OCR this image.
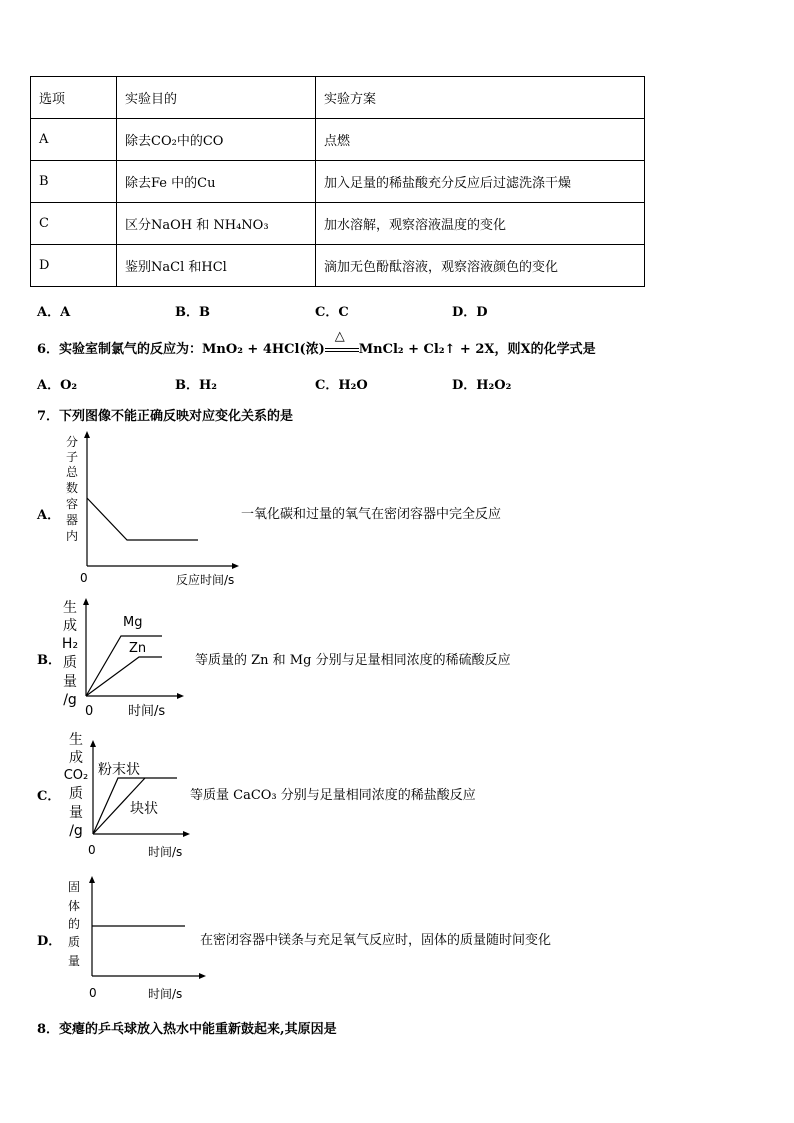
选项	实验目的	实验方案
A	除去CO₂中的CO	点燃
B	除去Fe 中的Cu	加入足量的稀盐酸充分反应后过滤洗涤干燥
C	区分NaOH 和 NH₄NO₃	加水溶解，观察溶液温度的变化
D	鉴别NaCl 和HCl	滴加无色酚酞溶液，观察溶液颜色的变化
A．A	B．B	C．C	D．D
6．实验室制氯气的反应为：MnO₂ + 4HCl(浓)
△
MnCl₂ + Cl₂↑ + 2X，则X的化学式是
A．O₂	B．H₂	C．H₂O	D．H₂O₂
7．下列图像不能正确反映对应变化关系的是
A．
分
子
总
数
容
器
内
0	反应时间/s
一氧化碳和过量的氧气在密闭容器中完全反应
B．
生
成
H₂
质
量
/g
Mg
Zn
0	时间/s
等质量的 Zn 和 Mg 分别与足量相同浓度的稀硫酸反应
C．
生
成
CO₂
质
量
/g
粉末状
块状
0	时间/s
等质量 CaCO₃ 分别与足量相同浓度的稀盐酸反应
D．
固
体
的
质
量
0	时间/s
在密闭容器中镁条与充足氧气反应时，固体的质量随时间变化
8．变瘪的乒乓球放入热水中能重新鼓起来,其原因是
